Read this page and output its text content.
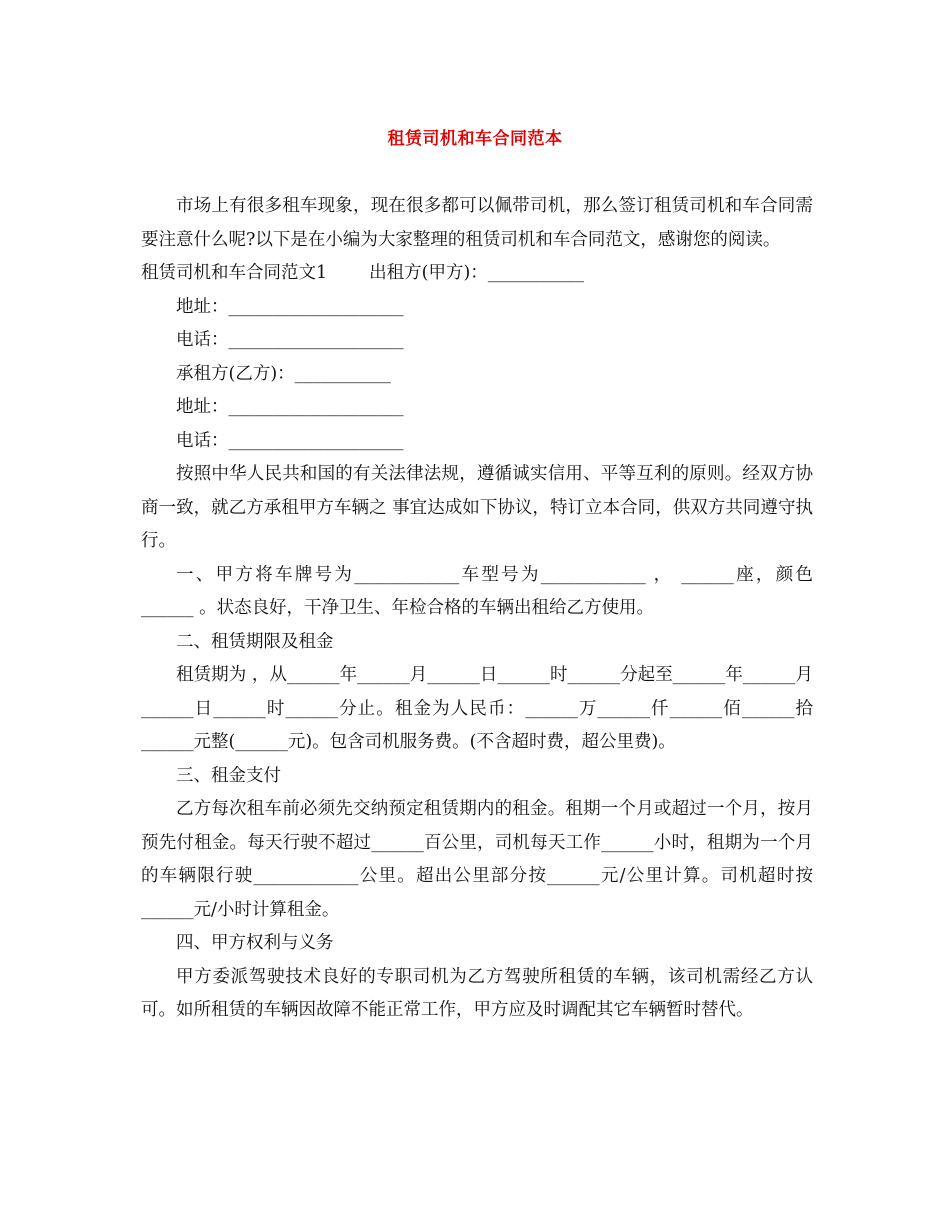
租赁司机和车合同范本

市场上有很多租车现象，现在很多都可以佩带司机，那么签订租赁司机和车合同需要注意什么呢?以下是在小编为大家整理的租赁司机和车合同范文，感谢您的阅读。

租赁司机和车合同范文1 出租方(甲方)：___________

地址：____________________

电话：____________________

承租方(乙方)：___________

地址：____________________

电话：____________________

按照中华人民共和国的有关法律法规，遵循诚实信用、平等互利的原则。经双方协商一致，就乙方承租甲方车辆之 事宜达成如下协议，特订立本合同，供双方共同遵守执行。

一、甲方将车牌号为____________车型号为____________ ， ______座，颜色______ 。状态良好，干净卫生、年检合格的车辆出租给乙方使用。

二、租赁期限及租金

租赁期为 ，从______年______月______日______时______分起至______年______月______日______时______分止。租金为人民币：______万______仟______佰______拾______元整(______元)。包含司机服务费。(不含超时费，超公里费)。

三、租金支付

乙方每次租车前必须先交纳预定租赁期内的租金。租期一个月或超过一个月，按月预先付租金。每天行驶不超过______百公里，司机每天工作______小时，租期为一个月的车辆限行驶____________公里。超出公里部分按______元/公里计算。司机超时按______元/小时计算租金。

四、甲方权利与义务

甲方委派驾驶技术良好的专职司机为乙方驾驶所租赁的车辆，该司机需经乙方认可。如所租赁的车辆因故障不能正常工作，甲方应及时调配其它车辆暂时替代。
